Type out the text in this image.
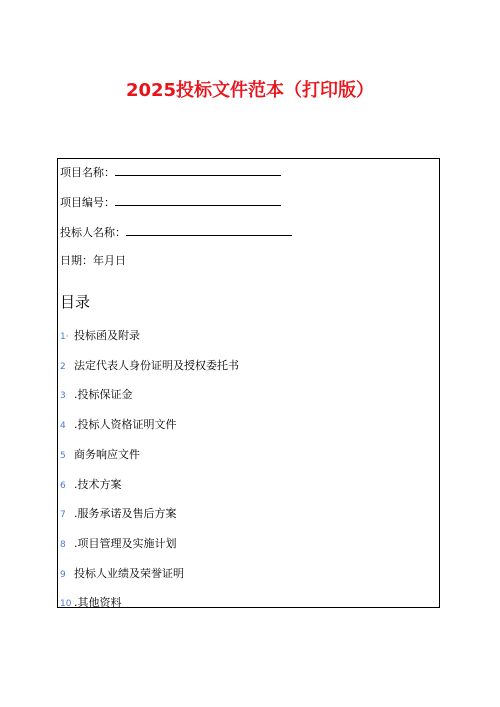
2025投标文件范本（打印版）
项目名称：
项目编号：
投标人名称：
日期：年月日
目录
1· 投标函及附录
2 法定代表人身份证明及授权委托书
3 .投标保证金
4 .投标人资格证明文件
5 商务响应文件
6 .技术方案
7 .服务承诺及售后方案
8 .项目管理及实施计划
9 投标人业绩及荣誉证明
10 .其他资料
